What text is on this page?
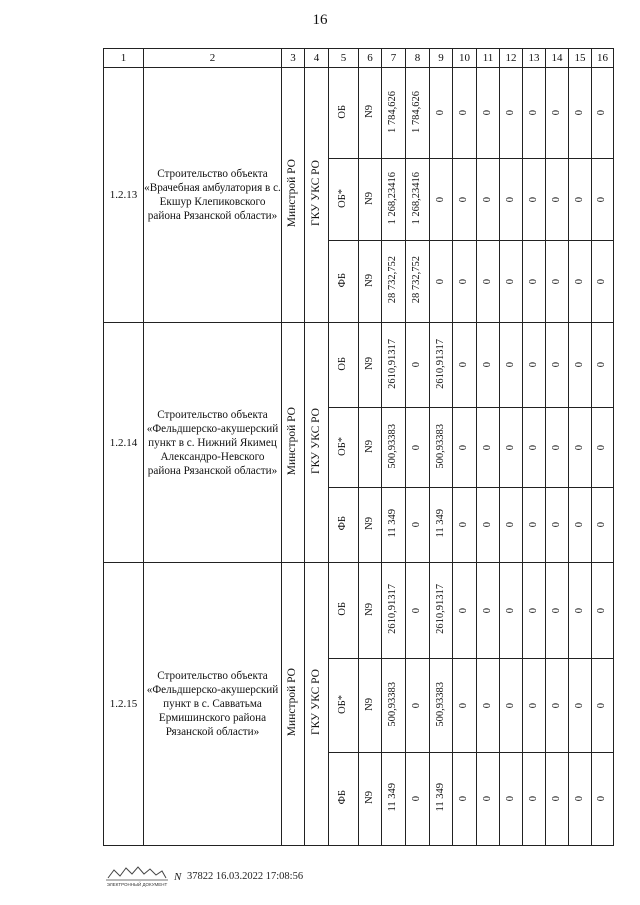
16
1	2	3	4	5	6	7	8	9	10	11	12	13	14	15	16
1.2.13	Строительство объекта «Врачебная амбулатория в с. Екшур Клепиковского района Рязанской области»	Минстрой РО	ГКУ УКС РО	ОБ	N9	1 784,626	1 784,626	0	0	0	0	0	0	0	0
				ОБ*	N9	1 268,23416	1 268,23416	0	0	0	0	0	0	0	0
				ФБ	N9	28 732,752	28 732,752	0	0	0	0	0	0	0	0
1.2.14	Строительство объекта «Фельдшерско-акушерский пункт в с. Нижний Якимец Александро-Невского района Рязанской области»	Минстрой РО	ГКУ УКС РО	ОБ	N9	2610,91317	0	2610,91317	0	0	0	0	0	0	0
				ОБ*	N9	500,93383	0	500,93383	0	0	0	0	0	0	0
				ФБ	N9	11 349	0	11 349	0	0	0	0	0	0	0
1.2.15	Строительство объекта «Фельдшерско-акушерский пункт в с. Савватьма Ермишинского района Рязанской области»	Минстрой РО	ГКУ УКС РО	ОБ	N9	2610,91317	0	2610,91317	0	0	0	0	0	0	0
				ОБ*	N9	500,93383	0	500,93383	0	0	0	0	0	0	0
				ФБ	N9	11 349	0	11 349	0	0	0	0	0	0	0
ЭЛЕКТРОННЫЙ ДОКУМЕНТ
N 37822 16.03.2022 17:08:56
